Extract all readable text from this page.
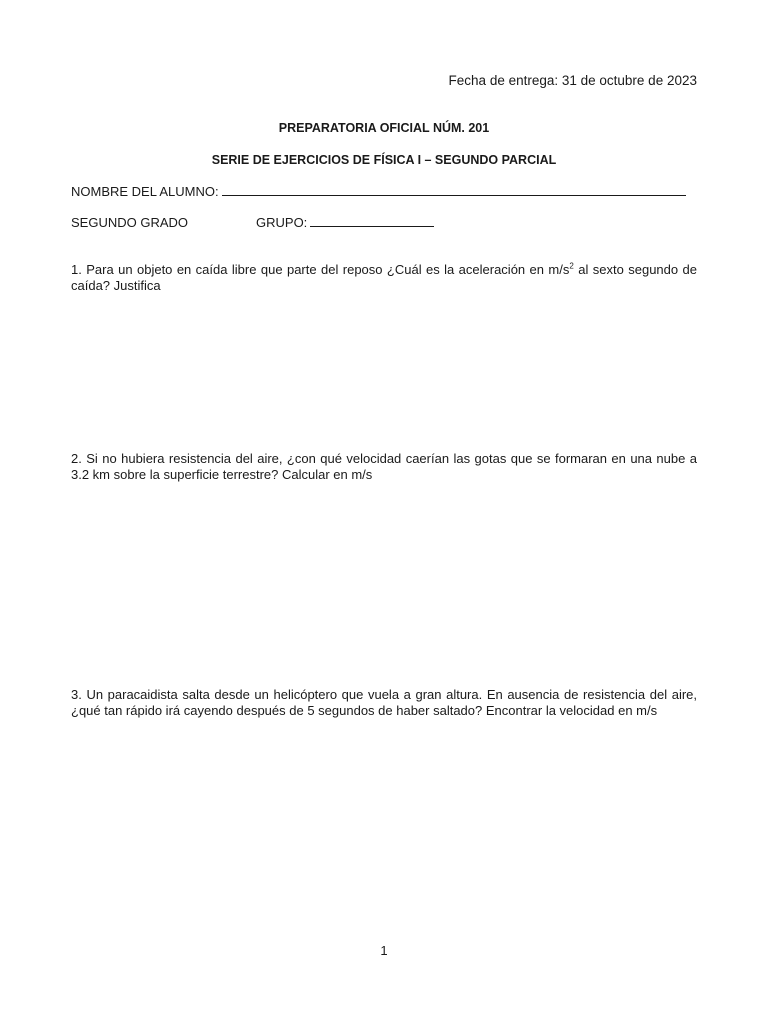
Fecha de entrega: 31 de octubre de 2023
PREPARATORIA OFICIAL NÚM. 201
SERIE DE EJERCICIOS DE FÍSICA I – SEGUNDO PARCIAL
NOMBRE DEL ALUMNO:
SEGUNDO GRADO	GRUPO:
1. Para un objeto en caída libre que parte del reposo ¿Cuál es la aceleración en $m/s^2$ al sexto segundo de caída? Justifica
2. Si no hubiera resistencia del aire, ¿con qué velocidad caerían las gotas que se formaran en una nube a 3.2 km sobre la superficie terrestre? Calcular en m/s
3. Un paracaidista salta desde un helicóptero que vuela a gran altura. En ausencia de resistencia del aire, ¿qué tan rápido irá cayendo después de 5 segundos de haber saltado? Encontrar la velocidad en m/s
1
